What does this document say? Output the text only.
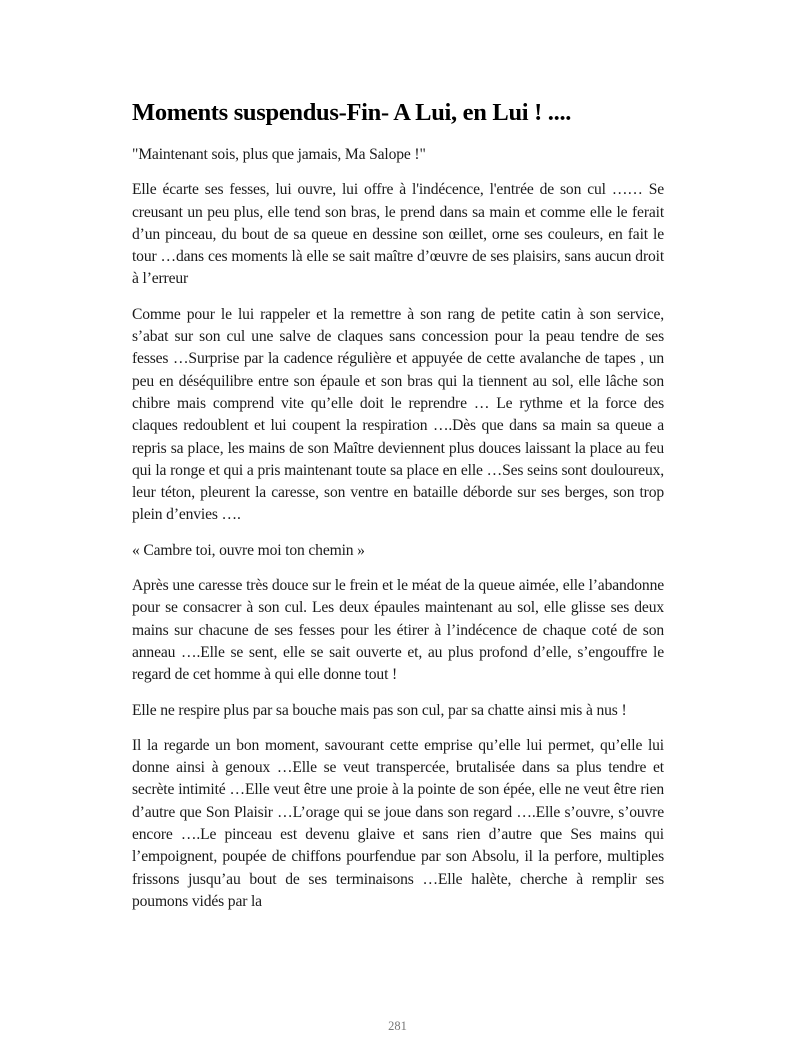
Moments suspendus-Fin- A Lui, en Lui ! ....

"Maintenant sois, plus que jamais, Ma Salope !"

Elle écarte ses fesses, lui ouvre, lui offre à l'indécence, l'entrée de son cul …… Se creusant un peu plus, elle tend son bras, le prend dans sa main et comme elle le ferait d’un pinceau, du bout de sa queue en dessine son œillet, orne ses couleurs, en fait le tour …dans ces moments là elle se sait maître d’œuvre de ses plaisirs, sans aucun droit à l’erreur

Comme pour le lui rappeler et la remettre à son rang de petite catin à son service, s’abat sur son cul une salve de claques sans concession pour la peau tendre de ses fesses …Surprise par la cadence régulière et appuyée de cette avalanche de tapes , un peu en déséquilibre entre son épaule et son bras qui la tiennent au sol, elle lâche son chibre mais comprend vite qu’elle doit le reprendre … Le rythme et la force des claques redoublent et lui coupent la respiration ….Dès que dans sa main sa queue a repris sa place, les mains de son Maître deviennent plus douces laissant la place au feu qui la ronge et qui a pris maintenant toute sa place en elle …Ses seins sont douloureux, leur téton, pleurent la caresse, son ventre en bataille déborde sur ses berges, son trop plein d’envies ….

« Cambre toi, ouvre moi ton chemin »

Après une caresse très douce sur le frein et le méat de la queue aimée, elle l’abandonne pour se consacrer à son cul. Les deux épaules maintenant au sol, elle glisse ses deux mains sur chacune de ses fesses pour les étirer à l’indécence de chaque coté de son anneau ….Elle se sent, elle se sait ouverte et, au plus profond d’elle, s’engouffre le regard de cet homme à qui elle donne tout !

Elle ne respire plus par sa bouche mais pas son cul, par sa chatte ainsi mis à nus !

Il la regarde un bon moment, savourant cette emprise qu’elle lui permet, qu’elle lui donne ainsi à genoux …Elle se veut transpercée, brutalisée dans sa plus tendre et secrète intimité …Elle veut être une proie à la pointe de son épée, elle ne veut être rien d’autre que Son Plaisir …L’orage qui se joue dans son regard ….Elle s’ouvre, s’ouvre encore ….Le pinceau est devenu glaive et sans rien d’autre que Ses mains qui l’empoignent, poupée de chiffons pourfendue par son Absolu, il la perfore, multiples frissons jusqu’au bout de ses terminaisons …Elle halète, cherche à remplir ses poumons vidés par la

281
